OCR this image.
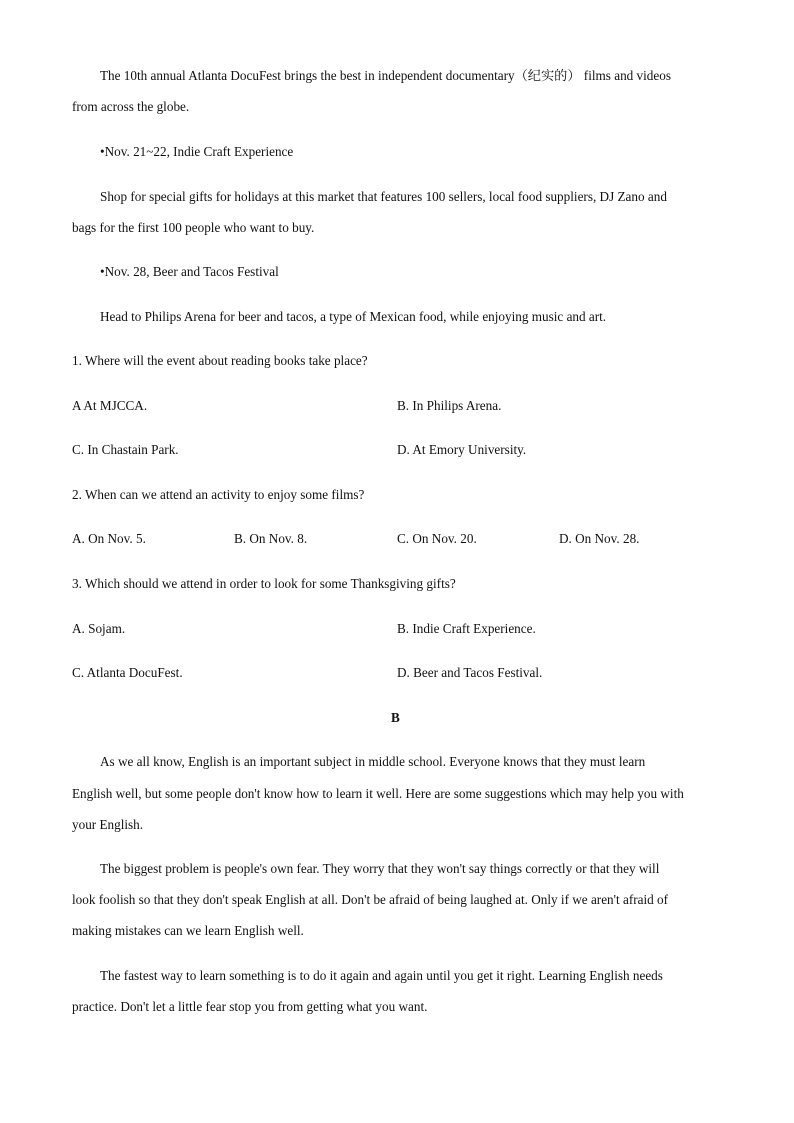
The 10th annual Atlanta DocuFest brings the best in independent documentary（纪实的） films and videos
from across the globe.
•Nov. 21~22, Indie Craft Experience
Shop for special gifts for holidays at this market that features 100 sellers, local food suppliers, DJ Zano and
bags for the first 100 people who want to buy.
•Nov. 28, Beer and Tacos Festival
Head to Philips Arena for beer and tacos, a type of Mexican food, while enjoying music and art.
1. Where will the event about reading books take place?
A At MJCCA.	B. In Philips Arena.
C. In Chastain Park.	D. At Emory University.
2. When can we attend an activity to enjoy some films?
A. On Nov. 5.	B. On Nov. 8.	C. On Nov. 20.	D. On Nov. 28.
3. Which should we attend in order to look for some Thanksgiving gifts?
A. Sojam.	B. Indie Craft Experience.
C. Atlanta DocuFest.	D. Beer and Tacos Festival.
B
As we all know, English is an important subject in middle school. Everyone knows that they must learn
English well, but some people don't know how to learn it well. Here are some suggestions which may help you with
your English.
The biggest problem is people's own fear. They worry that they won't say things correctly or that they will
look foolish so that they don't speak English at all. Don't be afraid of being laughed at. Only if we aren't afraid of
making mistakes can we learn English well.
The fastest way to learn something is to do it again and again until you get it right. Learning English needs
practice. Don't let a little fear stop you from getting what you want.
